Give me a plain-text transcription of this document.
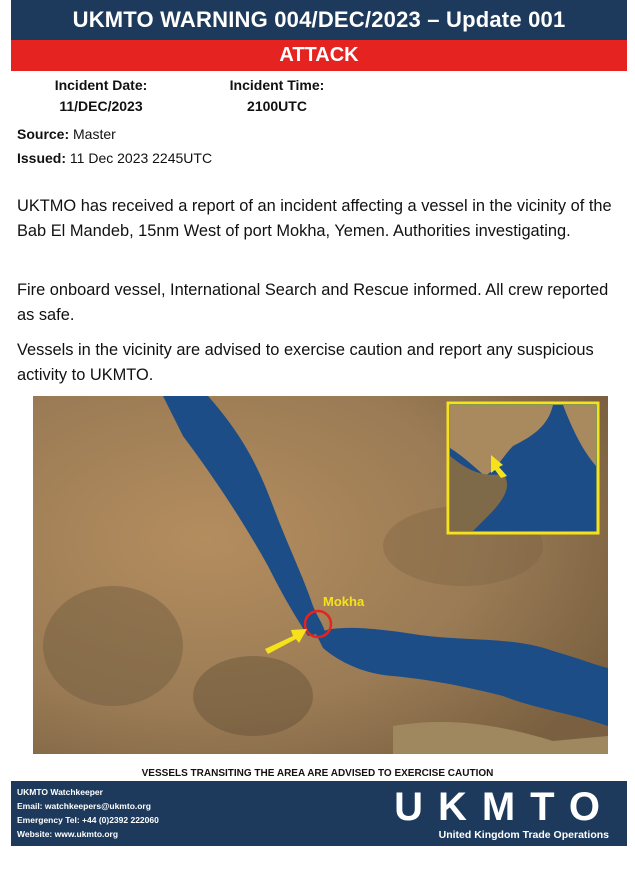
UKMTO WARNING 004/DEC/2023 – Update 001
ATTACK
Incident Date:
11/DEC/2023
Incident Time:
2100UTC
Source: Master
Issued: 11 Dec 2023 2245UTC
UKTMO has received a report of an incident affecting a vessel in the vicinity of the Bab El Mandeb, 15nm West of port Mokha, Yemen. Authorities investigating.
Fire onboard vessel, International Search and Rescue informed. All crew reported as safe.
Vessels in the vicinity are advised to exercise caution and report any suspicious activity to UKMTO.
Mokha
VESSELS TRANSITING THE AREA ARE ADVISED TO EXERCISE CAUTION
UKMTO Watchkeeper
Email: watchkeepers@ukmto.org
Emergency Tel: +44 (0)2392 222060
Website: www.ukmto.org
UKMTO
United Kingdom Trade Operations
